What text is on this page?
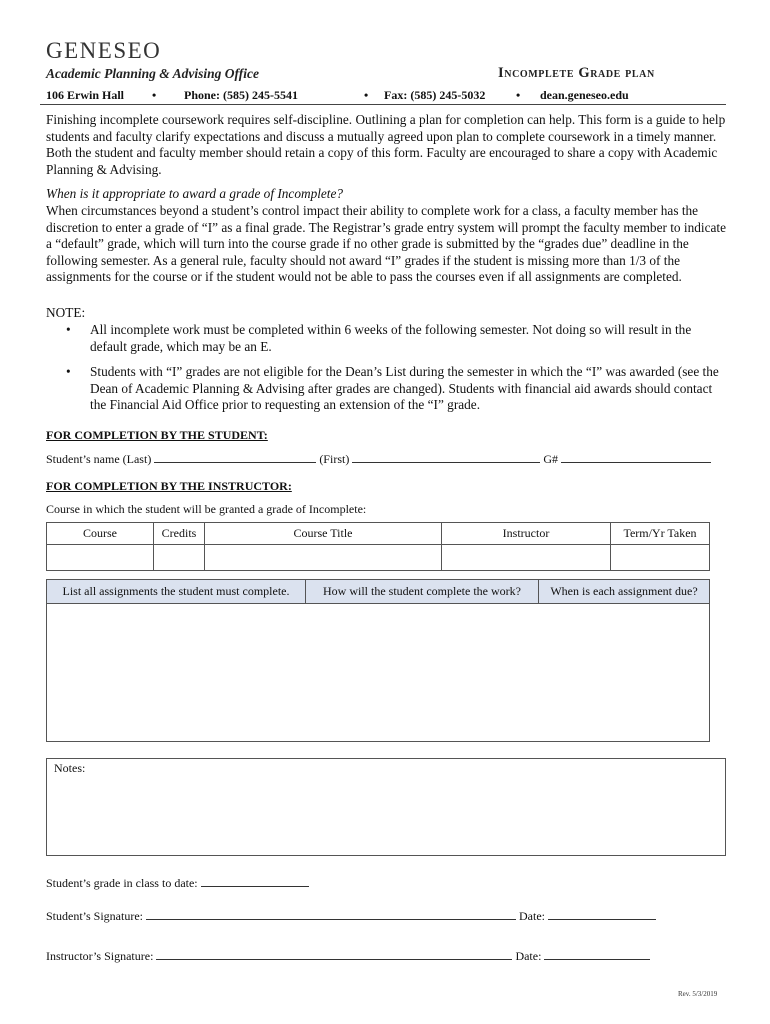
GENESEO
Academic Planning & Advising Office	Incomplete Grade plan
106 Erwin Hall • Phone: (585) 245-5541	• Fax: (585) 245-5032	• dean.geneseo.edu
Finishing incomplete coursework requires self-discipline. Outlining a plan for completion can help. This form is a guide to help students and faculty clarify expectations and discuss a mutually agreed upon plan to complete coursework in a timely manner. Both the student and faculty member should retain a copy of this form. Faculty are encouraged to share a copy with Academic Planning & Advising.
When is it appropriate to award a grade of Incomplete?
When circumstances beyond a student’s control impact their ability to complete work for a class, a faculty member has the discretion to enter a grade of “I” as a final grade. The Registrar’s grade entry system will prompt the faculty member to indicate a “default” grade, which will turn into the course grade if no other grade is submitted by the “grades due” deadline in the following semester. As a general rule, faculty should not award “I” grades if the student is missing more than 1/3 of the assignments for the course or if the student would not be able to pass the courses even if all assignments are completed.
NOTE:
• All incomplete work must be completed within 6 weeks of the following semester. Not doing so will result in the default grade, which may be an E.
• Students with “I” grades are not eligible for the Dean’s List during the semester in which the “I” was awarded (see the Dean of Academic Planning & Advising after grades are changed). Students with financial aid awards should contact the Financial Aid Office prior to requesting an extension of the “I” grade.
FOR COMPLETION BY THE STUDENT:
Student’s name (Last)	(First)	G#
FOR COMPLETION BY THE INSTRUCTOR:
Course in which the student will be granted a grade of Incomplete:
Course	Credits	Course Title	Instructor	Term/Yr Taken

List all assignments the student must complete.	How will the student complete the work?	When is each assignment due?

Notes:
Student’s grade in class to date:
Student’s Signature:	Date:
Instructor’s Signature:	Date:
Rev. 5/3/2019
